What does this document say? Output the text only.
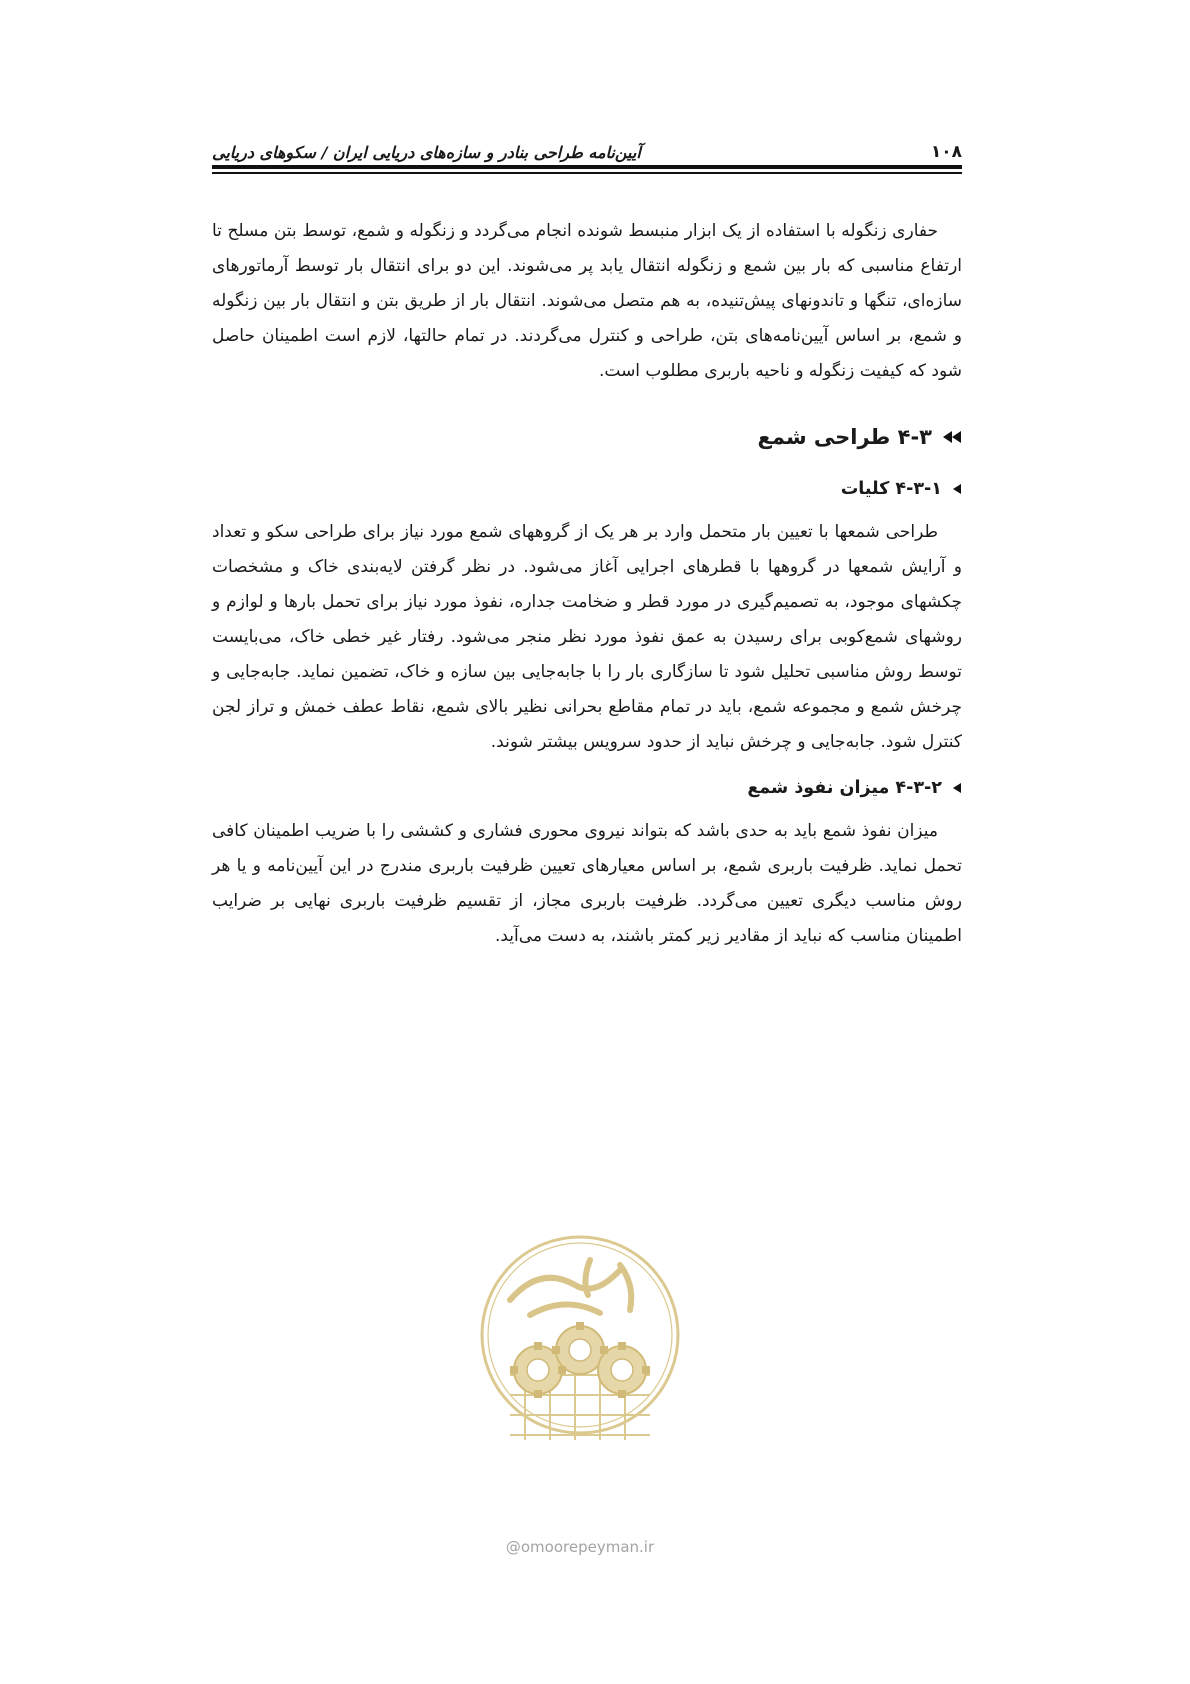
۱۰۸
آیین‌نامه طراحی بنادر و سازه‌های دریایی ایران / سکوهای دریایی

حفاری زنگوله با استفاده از یک ابزار منبسط شونده انجام می‌گردد و زنگوله و شمع، توسط بتن مسلح تا ارتفاع مناسبی که بار بین شمع و زنگوله انتقال یابد پر می‌شوند. این دو برای انتقال بار توسط آرماتورهای سازه‌ای، تنگها و تاندونهای پیش‌تنیده، به هم متصل می‌شوند. انتقال بار از طریق بتن و انتقال بار بین زنگوله و شمع، بر اساس آیین‌نامه‌های بتن، طراحی و کنترل می‌گردند. در تمام حالتها، لازم است اطمینان حاصل شود که کیفیت زنگوله و ناحیه باربری مطلوب است.

۴-۳ طراحی شمع
۴-۳-۱ کلیات

طراحی شمعها با تعیین بار متحمل وارد بر هر یک از گروههای شمع مورد نیاز برای طراحی سکو و تعداد و آرایش شمعها در گروهها با قطرهای اجرایی آغاز می‌شود. در نظر گرفتن لایه‌بندی خاک و مشخصات چکشهای موجود، به تصمیم‌گیری در مورد قطر و ضخامت جداره، نفوذ مورد نیاز برای تحمل بارها و لوازم و روشهای شمع‌کوبی برای رسیدن به عمق نفوذ مورد نظر منجر می‌شود. رفتار غیر خطی خاک، می‌بایست توسط روش مناسبی تحلیل شود تا سازگاری بار را با جابه‌جایی بین سازه و خاک، تضمین نماید. جابه‌جایی و چرخش شمع و مجموعه شمع، باید در تمام مقاطع بحرانی نظیر بالای شمع، نقاط عطف خمش و تراز لجن کنترل شود. جابه‌جایی و چرخش نباید از حدود سرویس بیشتر شوند.

۴-۳-۲ میزان نفوذ شمع

میزان نفوذ شمع باید به حدی باشد که بتواند نیروی محوری فشاری و کششی را با ضریب اطمینان کافی تحمل نماید. ظرفیت باربری شمع، بر اساس معیارهای تعیین ظرفیت باربری مندرج در این آیین‌نامه و یا هر روش مناسب دیگری تعیین می‌گردد. ظرفیت باربری مجاز، از تقسیم ظرفیت باربری نهایی بر ضرایب اطمینان مناسب که نباید از مقادیر زیر کمتر باشند، به دست می‌آید.

@omoorepeyman.ir
